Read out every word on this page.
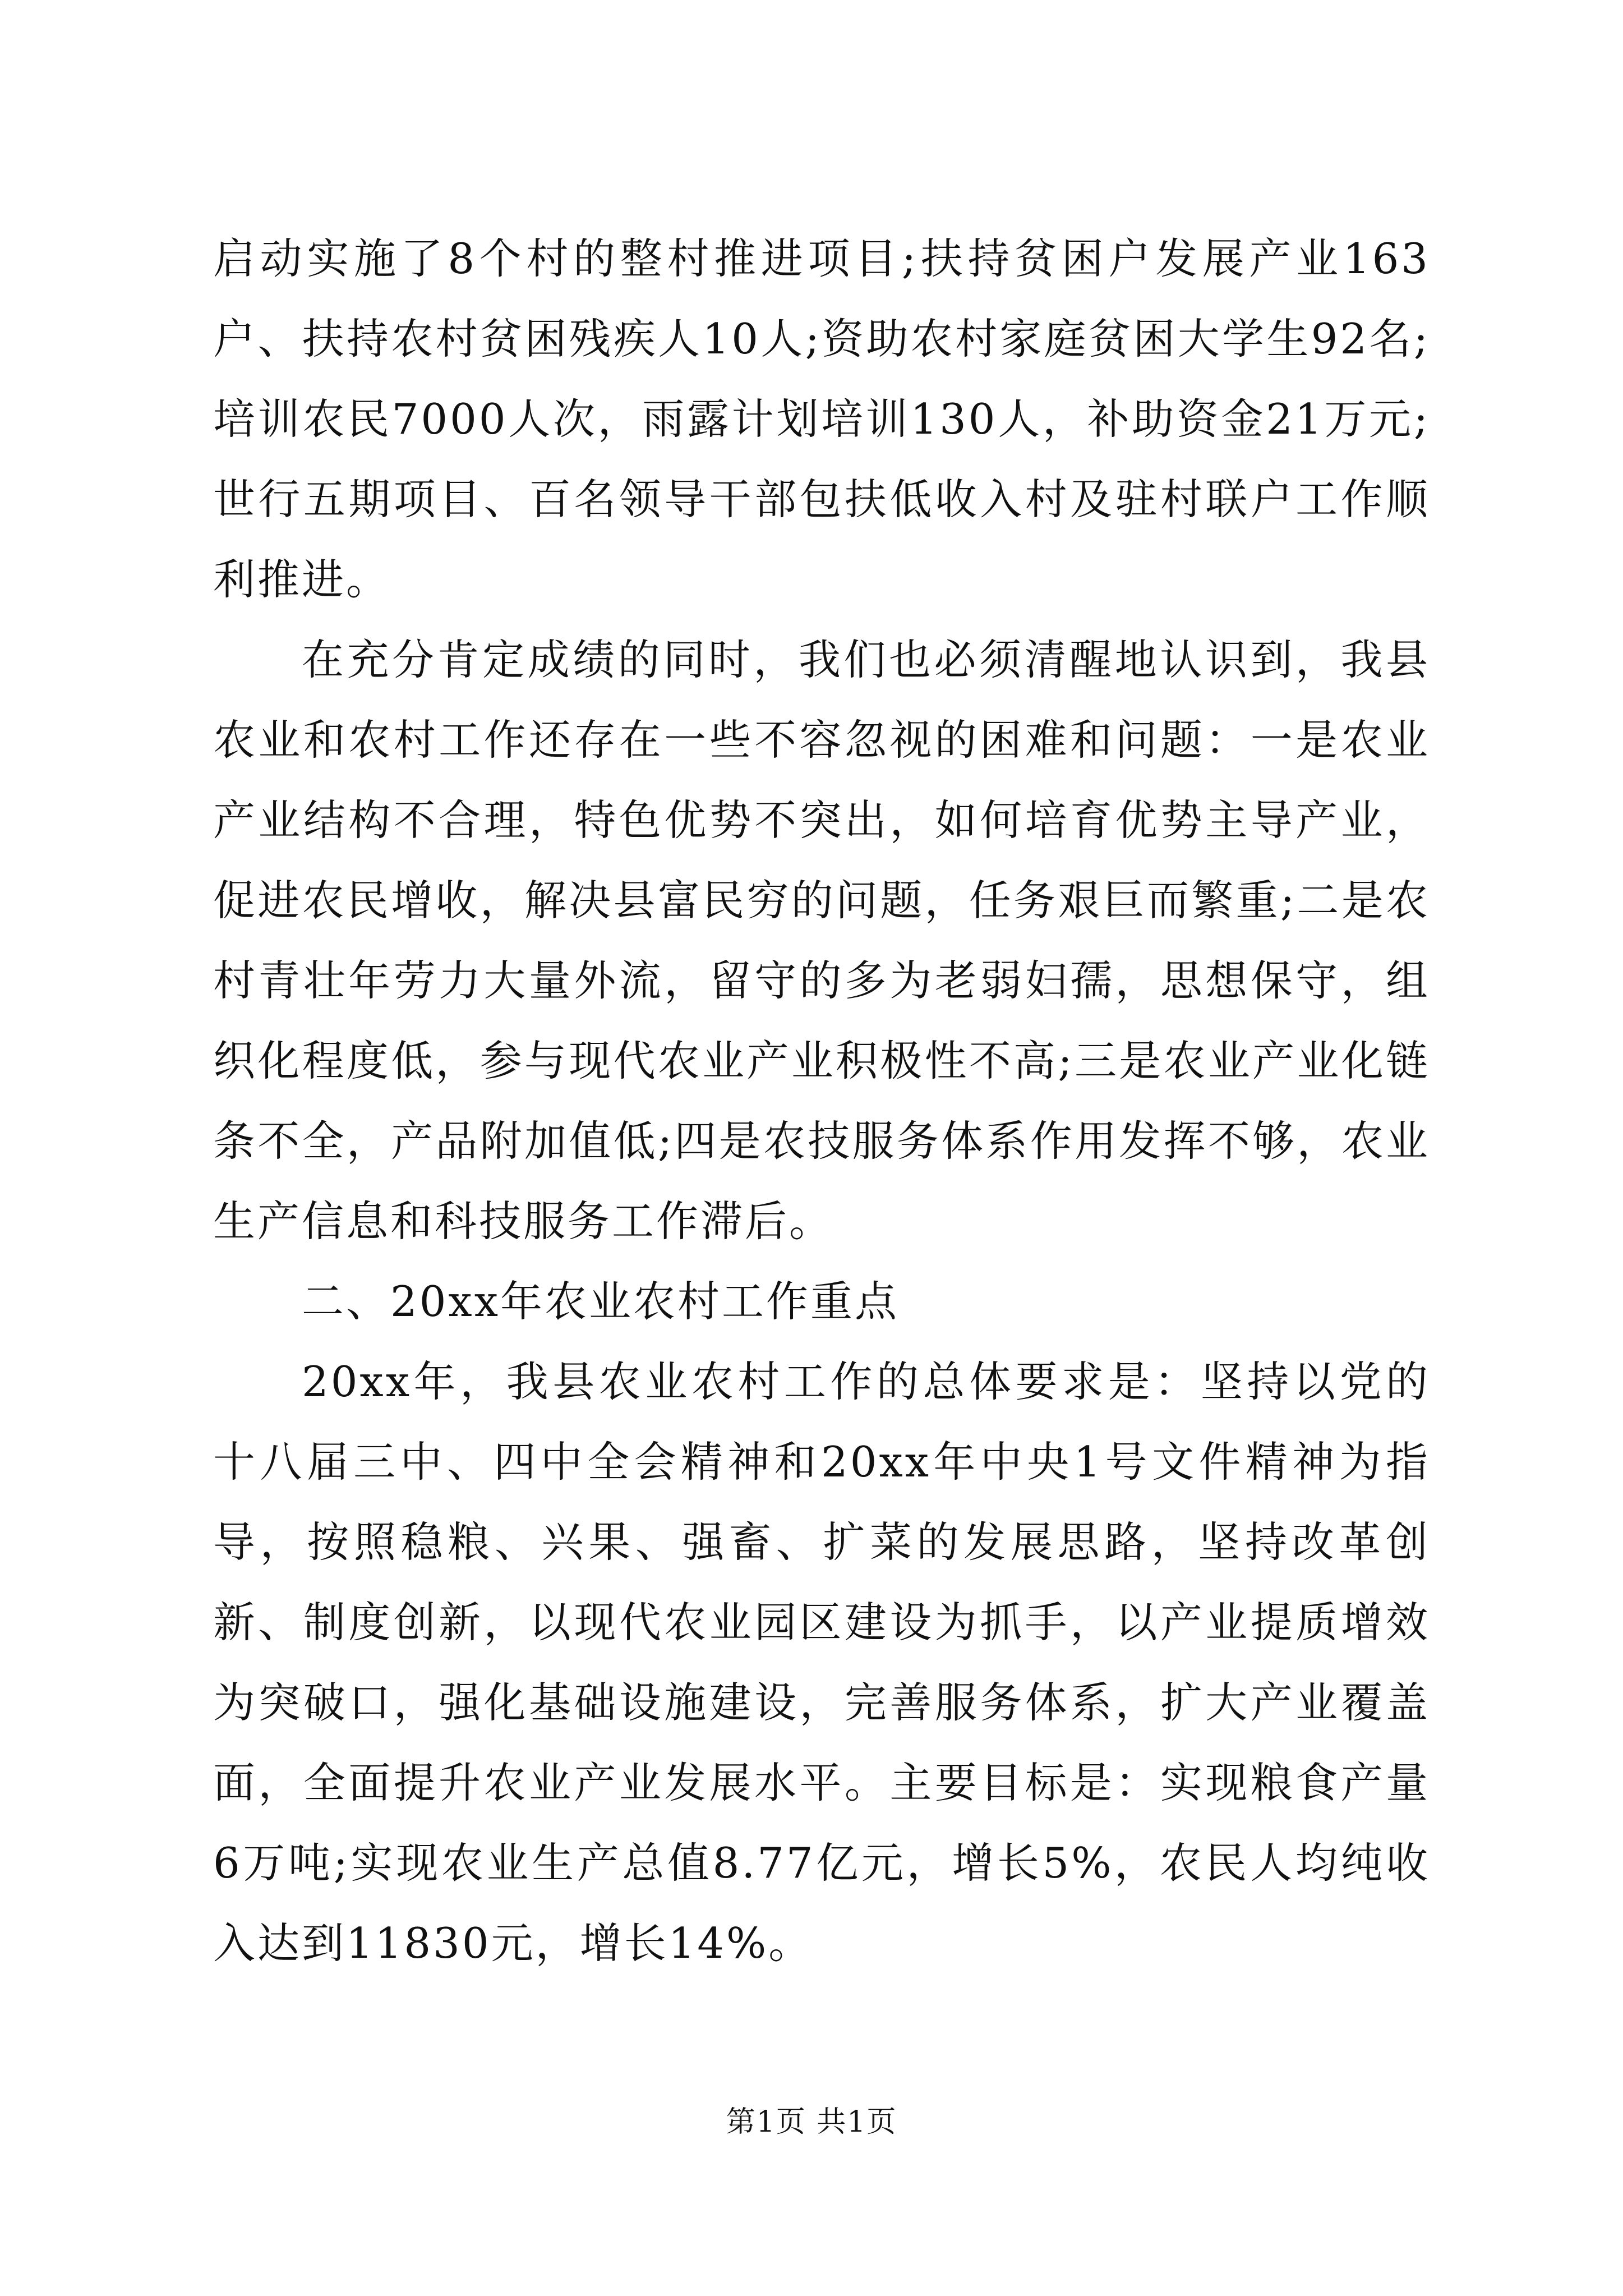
启动实施了8个村的整村推进项目;扶持贫困户发展产业163户、扶持农村贫困残疾人10人;资助农村家庭贫困大学生92名;培训农民7000人次，雨露计划培训130人，补助资金21万元;世行五期项目、百名领导干部包扶低收入村及驻村联户工作顺利推进。

在充分肯定成绩的同时，我们也必须清醒地认识到，我县农业和农村工作还存在一些不容忽视的困难和问题：一是农业产业结构不合理，特色优势不突出，如何培育优势主导产业，促进农民增收，解决县富民穷的问题，任务艰巨而繁重;二是农村青壮年劳力大量外流，留守的多为老弱妇孺，思想保守，组织化程度低，参与现代农业产业积极性不高;三是农业产业化链条不全，产品附加值低;四是农技服务体系作用发挥不够，农业生产信息和科技服务工作滞后。

二、20xx年农业农村工作重点

20xx年，我县农业农村工作的总体要求是：坚持以党的十八届三中、四中全会精神和20xx年中央1号文件精神为指导，按照稳粮、兴果、强畜、扩菜的发展思路，坚持改革创新、制度创新，以现代农业园区建设为抓手，以产业提质增效为突破口，强化基础设施建设，完善服务体系，扩大产业覆盖面，全面提升农业产业发展水平。主要目标是：实现粮食产量6万吨;实现农业生产总值8.77亿元，增长5%，农民人均纯收入达到11830元，增长14%。

第1页 共1页
